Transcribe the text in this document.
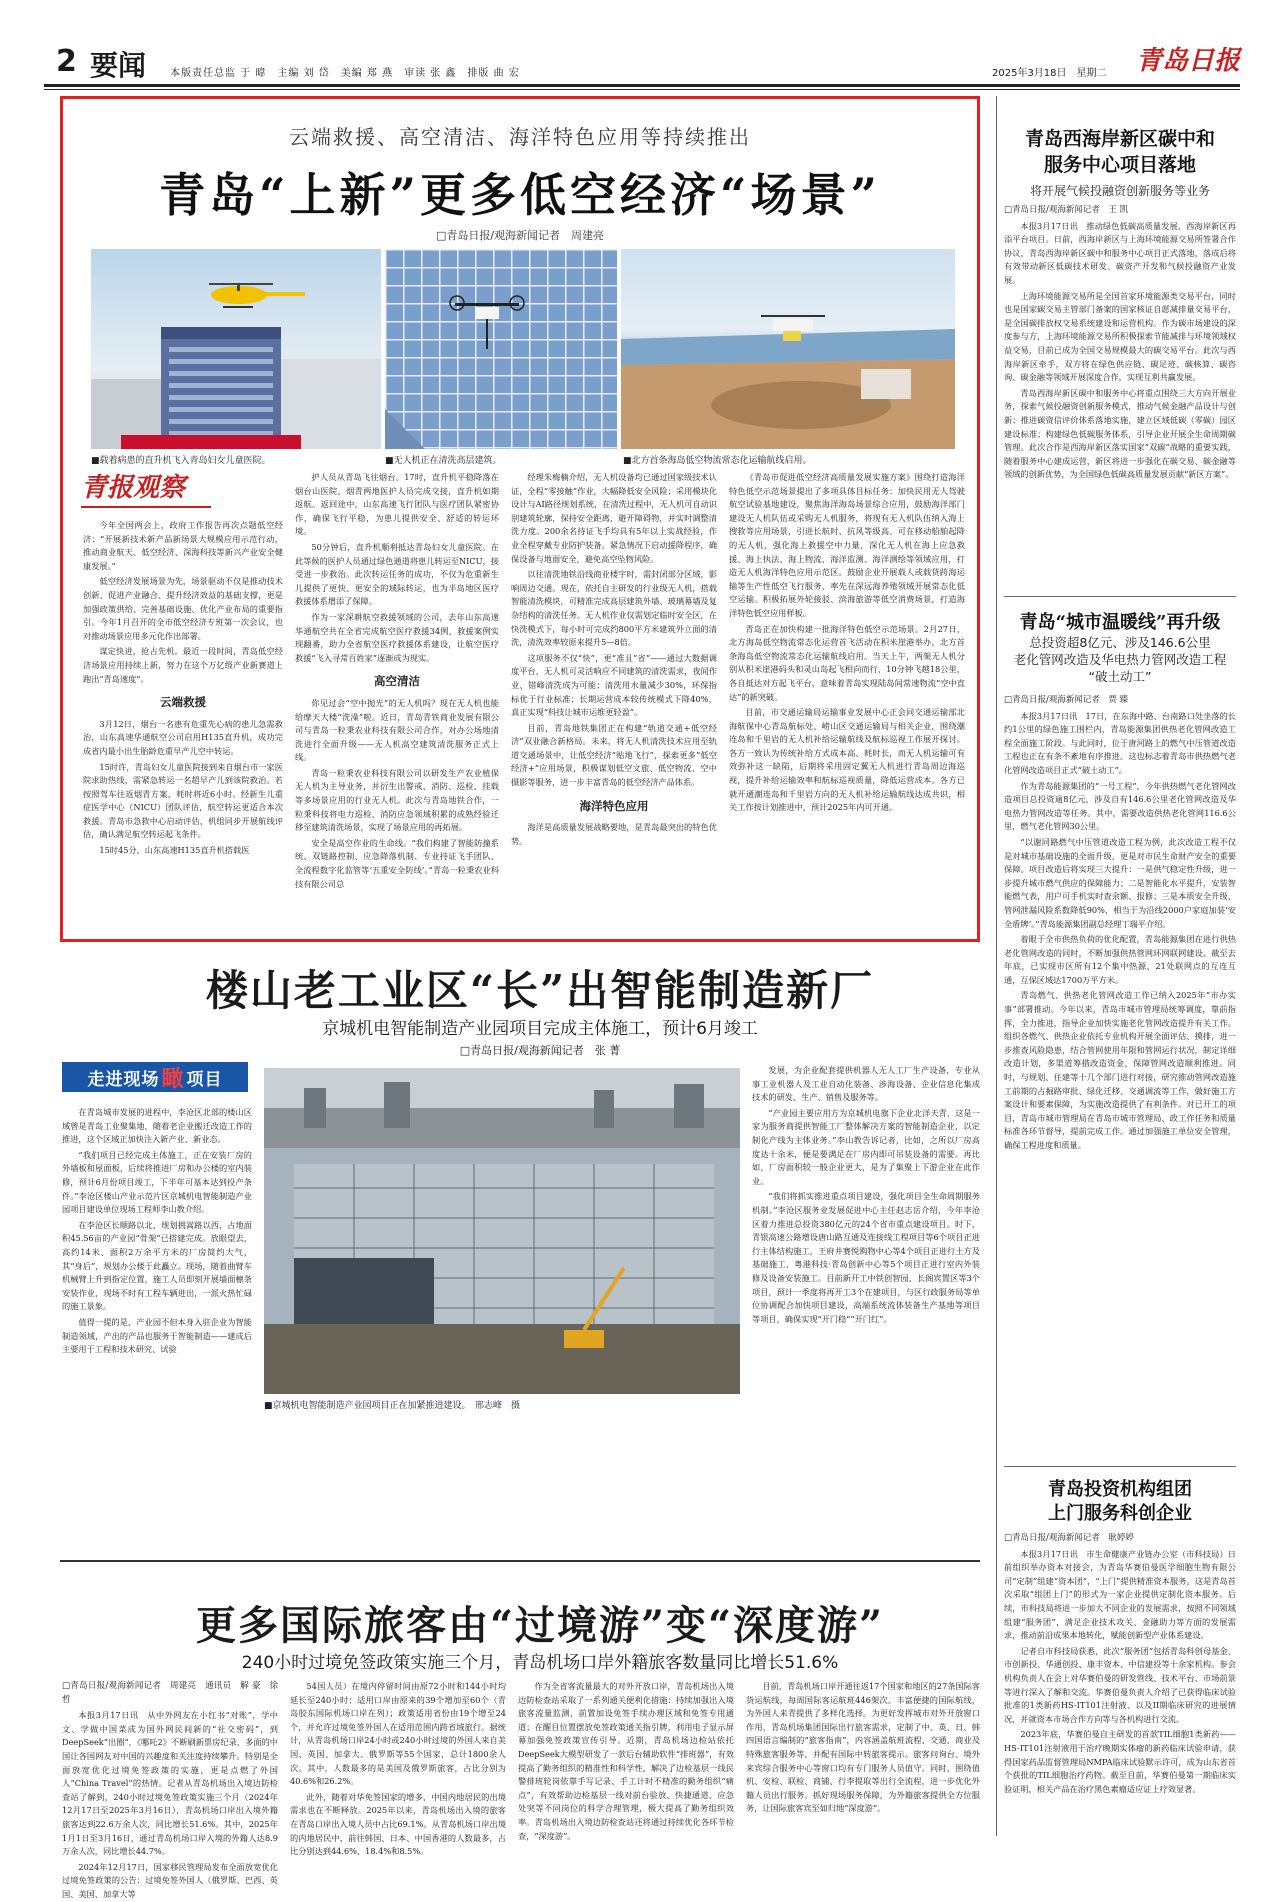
2 要闻 本版责任总监 于 暐　主编 刘 岱　美编 郑 燕　审读 张 鑫　排版 曲 宏	2025年3月18日　星期二 青岛日报
云端救援、高空清洁、海洋特色应用等持续推出
青岛“上新”更多低空经济“场景”
□青岛日报/观海新闻记者　周建亮
■载着病患的直升机飞入青岛妇女儿童医院。	■无人机正在清洗高层建筑。	■北方首条海岛低空物流常态化运输航线启用。
青报观察

今年全国两会上，政府工作报告再次点题低空经济：“开展新技术新产品新场景大规模应用示范行动，推动商业航天、低空经济、深海科技等新兴产业安全健康发展。”

低空经济发展场景为先，场景驱动不仅是推动技术创新、促进产业融合、提升经济效益的基础支撑，更是加强政策供给、完善基础设施、优化产业布局的重要指引。今年1月召开的全市低空经济专班第一次会议，也对推动场景应用多元化作出部署。

谋定快进，抢占先机。最近一段时间，青岛低空经济场景应用持续上新，努力在这个万亿级产业新赛道上跑出“青岛速度”。

云端救援

3月12日，烟台一名患有危重先心病的患儿急需救治，山东高速华通航空公司启用H135直升机，成功完成省内最小出生胎龄危重早产儿空中转运。

15时许，青岛妇女儿童医院接到来自烟台市一家医院求助热线，需紧急转运一名超早产儿到该院救治。若按照驾车往返烟青方案，耗时将近6小时。经新生儿重症医学中心（NICU）团队评估，航空转运更适合本次救援。青岛市急救中心启动评估，机组同步开展航线评估，确认满足航空转运起飞条件。

15时45分，山东高速H135直升机搭载医

护人员从青岛飞往烟台。17时，直升机平稳降落在烟台山医院，烟青两地医护人员完成交接，直升机如期返航。返回途中，山东高速飞行团队与医疗团队紧密协作，确保飞行平稳，为患儿提供安全、舒适的转运环境。

50分钟后，直升机顺利抵达青岛妇女儿童医院。在此等候的医护人员通过绿色通道将患儿转运至NICU，接受进一步救治。此次转运任务的成功，不仅为危重新生儿提供了更快、更安全的域际转运，也为半岛地区医疗救援体系增添了保障。

作为一家深耕航空救援领域的公司，去年山东高速华通航空共在全省完成航空医疗救援34例，救援案例实现翻番，助力全省航空医疗救援体系建设，让航空医疗救援“飞入寻常百姓家”逐渐成为现实。

高空清洁

你见过会“空中抛光”的无人机吗？现在无人机也能给摩天大楼“洗澡”啦。近日，青岛青铁商业发展有限公司与青岛一粒秉农业科技有限公司合作，对办公场地清洗进行全面升级——无人机高空建筑清洗服务正式上线。

青岛一粒秉农业科技有限公司以研发生产农业植保无人机为主导业务，并衍生出警戒、消防、巡检、挂载等多场景应用的行业无人机。此次与青岛地铁合作，一粒秉科技将电力巡检、消防应急领域积累的成熟经验迁移至建筑清洗场景，实现了场景应用的再拓展。

安全是高空作业的生命线。“我们构建了智能防撞系统、双链路控制、应急降落机制、专业持证飞手团队、全流程数字化监管等‘五重安全防线’。”青岛一粒秉农业科技有限公司总

经理朱梅楠介绍，无人机设备均已通过国家级技术认证，全程“零接触”作业，大幅降低安全风险；采用模块化设计与AI路径规划系统，在清洗过程中，无人机可自动识别建筑轮廓，保持安全距离，避开障碍物，并实时调整清洗力度。200余名持证飞手均具有5年以上实战经验，作业全程穿戴专业防护装备。紧急情况下启动援降程序，确保设备与地面安全，避免高空坠物风险。

以往清洗地铁沿线商业楼宇时，需封闭部分区域，影响周边交通。现在，依托自主研发的行业级无人机，搭载智能清洗模块，可精准完成高层建筑外墙、玻璃幕墙及复杂结构的清洗任务。无人机作业仅需划定临时安全区，在快洗模式下，每小时可完成约800平方米建筑外立面的清洗，清洗效率较原来提升5—8倍。

这项服务不仅“快”，更“准且”省”——通过大数据调度平台，无人机可灵活响应不同建筑的清洗需求，夜间作业、错峰清洗成为可能；清洗用水量减少30%，环保指标优于行业标准；长期运营成本较传统模式下降40%，真正实现“科技让城市运维更轻盈”。

目前，青岛地铁集团正在构建“轨道交通+低空经济”双业融合新格局。未来，将无人机清洗技术应用至轨道交通场景中，让低空经济“贴地飞行”，探索更多“低空经济+”应用场景，积极谋划低空文旅、低空物流、空中摄影等服务，进一步丰富青岛的低空经济产品体系。

海洋特色应用

海洋是高质量发展战略要地，是青岛最突出的特色优势。

《青岛市促进低空经济高质量发展实施方案》围绕打造海洋特色低空示范场景提出了多项具体目标任务：加快民用无人驾驶航空试验基地建设，聚焦海洋海岛场景综合应用，鼓励海洋部门建设无人机队伍或采购无人机服务，将现有无人机队伍纳入海上搜救等应用场景，引进长航时、抗风等级高、可在移动船舶起降的无人机，强化海上救援空中力量，深化无人机在海上应急救援、海上执法、海上物流、海洋监测、海洋测绘等领域应用，打造无人机海洋特色应用示范区。鼓励企业开展载人或载货跨海运输等生产性低空飞行服务，率先在深远海养殖领域开展常态化低空运输。积极拓展外轮接驳、滨海旅游等低空消费场景，打造海洋特色低空应用样板。

青岛正在加快构建一批海洋特色低空示范场景。2月27日，北方海岛低空物流常态化运营首飞活动在积米崖港举办，北方首条海岛低空物流常态化运输航线启用。当天上午，两架无人机分别从积米崖港码头和灵山岛起飞相向而行，10分钟飞越18公里，各自抵达对方起飞平台，意味着青岛实现陆岛间常速物流“空中直达”的新突破。

目前，市交通运输局运输事业发展中心正会同交通运输部北海航保中心青岛航标处、崂山区交通运输局与相关企业，围绕潮连岛和千里岩的无人机补给运输航线及航标巡视工作展开探讨。各方一致认为传统补给方式成本高、耗时长，而无人机运输可有效弥补这一缺陷，后期将采用固定翼无人机进行青岛周边海巡视，提升补给运输效率和航标巡视质量，降低运营成本。各方已就开通潮连岛和千里岩方向的无人机补给运输航线达成共识，相关工作按计划推进中，预计2025年内可开通。

青岛西海岸新区碳中和
服务中心项目落地
将开展气候投融资创新服务等业务

□青岛日报/观海新闻记者　王 凯

本报3月17日讯　推动绿色低碳高质量发展，西海岸新区再添平台项目。日前，西海岸新区与上海环境能源交易所签署合作协议，青岛西海岸新区碳中和服务中心项目正式落地，落成后将有效带动新区低碳技术研发、碳资产开发和气候投融资产业发展。

上海环境能源交易所是全国首家环境能源类交易平台，同时也是国家碳交易主管部门备案的国家核证自愿减排量交易平台，是全国碳排放权交易系统建设和运营机构。作为碳市场建设的深度参与方，上海环境能源交易所积极探索节能减排与环境领域权益交易，目前已成为全国交易规模最大的碳交易平台。此次与西海岸新区牵手，双方将在绿色供应链、碳足迹、碳核算、碳咨询、碳金融等领域开展深度合作，实现互利共赢发展。

青岛西海岸新区碳中和服务中心将重点围绕三大方向开展业务，探索气候投融资创新服务模式，推动气候金融产品设计与创新；推进碳资信评价体系落地实施，建立区域低碳（零碳）园区建设标准；构建绿色低碳服务体系，引导企业开展全生命周期碳管理。此次合作是西海岸新区落实国家“双碳”战略的重要实践，随着服务中心建成运营，新区将进一步强化在碳交易、碳金融等领域的创新优势，为全国绿色低碳高质量发展贡献“新区方案”。

青岛“城市温暖线”再升级
总投资超8亿元、涉及146.6公里
老化管网改造及华电热力管网改造工程
“破土动工”

□青岛日报/观海新闻记者　贾 臻

本报3月17日讯　17日，在东海中路、台南路口处坐落的长约1公里的绿色施工围栏内，青岛能源集团供热老化管网改造工程全面施工阶段。与此同时，位于唐河路上的燃气中压管道改造工程也正在有条不紊地有序推进。这也标志着青岛市供热燃气老化管网改造项目正式“破土动工”。

作为青岛能源集团的“一号工程”，今年供热燃气老化管网改造项目总投资逾8亿元，涉及自有146.6公里老化管网改造及华电热力管网改造等任务。其中，需要改造供热老化管网116.6公里，燃气老化管网30公里。

“以谢同路燃气中压管道改造工程为例，此次改造工程不仅是对城市基础设施的全面升级，更是对市民生命财产安全的重要保障。项目改造后将实现三大提升：一是供气稳定性升级，进一步提升城市燃气供应的保障能力；二是智能化水平提升，安装智能燃气表，用户可手机实时查余额、报修；三是本质安全升级，管网泄漏风险系数降低90%，相当于为沿线2000户家庭加装‘安全盾牌’。”青岛能源集团副总经理丁瑞平介绍。

着眼于全市供热负荷的优化配置，青岛能源集团在进行供热老化管网改造的同时，不断加强供热管网环网联网建设。截至去年底，已实现市区所有12个集中热源、21处联网点的互连互通，互保区域达1700万平方米。

青岛燃气、供热老化管网改造工作已纳入2025年“市办实事”部署推动。今年以来，青岛市城市管理局统筹调度，靠前指挥，全力推进，指导企业加快实施老化管网改造提升有关工作。组织各燃气、供热企业依托专业机构开展全面评估、摸排，进一步推查风险隐患，结合管网使用年限和管网运行状况，制定详细改造计划，多渠道筹措改造资金，保障管网改造顺利推进。同时，与规划、住建等十几个部门进行对接，研究推动管网改造施工前期的占掘路审批、绿化迁移、交通调流等工作，做好施工方案设计和要素保障，为实施改造提供了有利条件。对已开工的项目，青岛市城市管理局在青岛市城市管理局、政工作任务和质量标准各环节督导，提前完成工作。通过加强施工单位安全管理，确保工程进度和质量。

青岛投资机构组团
上门服务科创企业

□青岛日报/观海新闻记者　耿婷婷

本报3月17日讯　市生命健康产业链办公室（市科技局）日前组织举办资本对接会，为青岛华赛伯曼医学细胞生物有限公司“定制”组建“资本团”，“上门”提供精准资本服务。这是青岛首次采取“组团上门”的形式为一家企业提供定制化资本服务。后续，市科技局将进一步加大不同企业的发展需求，按照不同领域组建“服务团”，满足企业技术攻关、金融助力等方面的发展需求，推动前沿成果本地转化，赋能创新型产业体系建设。

记者自市科技局获悉，此次“服务团”包括青岛科创母基金、市创新投、华通创投、康丰资本、中信建投等十余家机构。参会机构负责人在会上对华赛伯曼的研发管线、技术平台、市场前景等进行深入了解和交流。华赛伯曼负责人介绍了已获得临床试验批准的1类新药HS-IT101注射液、以及II期临床研究的进展情况，并就资本市场合作方向等与各机构进行交流。

2023年底，华赛伯曼自主研发的首款TIL细胞1类新药——HS-IT101注射液用于治疗晚期实体瘤的新药临床试验申请，获得国家药品监督管理局NMPA临床试验默示许可，成为山东省首个获批的TIL细胞治疗药物。截至目前，华赛伯曼第一期临床实验证明，相关产品在治疗黑色素瘤适应证上疗效显著。

楼山老工业区“长”出智能制造新厂
京城机电智能制造产业园项目完成主体施工，预计6月竣工
□青岛日报/观海新闻记者　张 菁
走进现场 瞰 项目

在青岛城市发展的进程中，李沧区北部的楼山区域曾是青岛工业聚集地，随着老企业搬迁改造工作的推进，这个区域正加快注入新产业、新业态。

“我们项目已经完成主体施工，正在安装厂房的外墙板和屋面板，后续将推进厂房和办公楼的室内装修，预计6月份项目竣工，下半年可基本达到投产条件。”李沧区楼山产业示范片区京城机电智能制造产业园项目建设单位现场工程师李山教介绍。

在李沧区长顺路以北，规划拥嵩路以西，占地面积45.56亩的产业园“骨架”已搭建完成。放眼望去，高约14米、面积2万余平方米的厂房简约大气，其“身后”，规划办公楼于此矗立。现场，随着曲臂车机械臂上升到指定位置，施工人员即刻开展墙面檩条安装作业，现场不时有工程车辆进出，一派火热忙碌的施工景象。

值得一提的是，产业园不但本身入驻企业为智能制造领域，产出的产品也服务于智能制造——建成后主要用于工程和技术研究、试验

■京城机电智能制造产业园项目正在加紧推进建设。　邢志峰　摄

发展，为企业配套提供机器人无人工厂生产设备，专业从事工业机器人及工业自动化装备、涉海设备、企业信息化集成技术的研发、生产、销售及服务等。

“产业园主要应用方为京城机电旗下企业北洋天青，这是一家为服务商提供智能工厂整体解决方案的智能制造企业，以定制化产线为主体业务。”李山教告诉记者，比如，之所以厂房高度达十余米，便是要满足在厂房内即可吊装设备的需要。再比如，厂房面积较一般企业更大，是为了集聚上下游企业在此作业。

“我们将抓实推进重点项目建设，强化项目全生命周期服务机制。”李沧区服务业发展促进中心主任赵志岳介绍，今年李沧区着力推进总投资380亿元的24个省市重点建设项目。时下，青银高速公路增设唐山路互通及连接线工程项目等6个项目正进行主体结构施工，王府井赛悦购物中心等4个项目正进行土方及基础施工，粤港科技·青岛创新中心等5个项目正进行室内外装修及设备安装施工。目前新开工中铁创智园、长阁宾置区等3个项目，预计一季度将再开工3个在建项目，与区行政服务局等单位协调配合加快项目建设，高端系统流体装备生产基地等项目等项目，确保实现“开门稳”“开门红”。

更多国际旅客由“过境游”变“深度游”
240小时过境免签政策实施三个月，青岛机场口岸外籍旅客数量同比增长51.6%

□青岛日报/观海新闻记者　周建亮　通讯员　解 豪　徐 哲

本报3月17日讯　从中外网友在小红书“对账”，学中文、学做中国菜成为国外网民间新的“社交密码”，到DeepSeek“出圈”，《哪吒2》不断刷新票房纪录，多面的中国让各国网友对中国的兴趣度和关注度持续攀升。特别是全面放宽优化过境免签政策的实施，更是点燃了外国人“China Travel”的热情。记者从青岛机场出入境边防检查站了解到，240小时过境免签政策实施三个月（2024年12月17日至2025年3月16日），青岛机场口岸出入境外籍旅客达到22.6万余人次，同比增长51.6%。其中，2025年1月1日至3月16日，通过青岛机场口岸入境的外籍人达8.9万余人次，同比增长44.7%。

2024年12月17日，国家移民管理局发布全面放宽优化过境免签政策的公告：过境免签外国人（俄罗斯、巴西、英国、美国、加拿大等

54国人员）在境内停留时间由原72小时和144小时均延长至240小时；适用口岸由原来的39个增加至60个（青岛胶东国际机场口岸在列）；政策适用省份由19个增至24个，并允许过境免签外国人在适用范围内跨省域旅行。据统计，从青岛机场口岸24小时或240小时过境的外国人来自美国、英国、加拿大、俄罗斯等55个国家，总计1800余人次。其中，人数最多的是美国及俄罗斯旅客，占比分别为40.6%和26.2%。

此外，随着对华免签国家的增多，中国内地居民的出境需求也在不断释放。2025年以来，青岛机场出入境的旅客在青岛口岸出入境人员中占比69.1%。从青岛机场口岸出境的内地居民中，前往韩国、日本、中国香港的人数最多，占比分别达到44.6%、18.4%和8.5%。

作为全省客流量最大的对外开放口岸，青岛机场出入境边防检查站采取了一系列通关便利化措施：持续加强出入境旅客流量监测，前置加设免签手续办理区域和免签专用通道；在醒目位置摆放免签政策通关指引牌，利用电子显示屏幕加强免签政策宣传引导。近期，青岛机场边检站依托DeepSeek大模型研发了一款后台辅助软件“排班器”，有效提高了勤务组织的精准性和科学性，解决了边检基层一线民警排班轮岗依靠手写记录、手工计时不精准的勤务组织“痛点”，有效帮助边检基层一线对前台验放、快捷通道、应急处突等不同岗位的科学合理管理，极大提高了勤务组织效率。青岛机场出入境边防检查站还将通过持续优化各环节检查，“深度游”。

目前，青岛机场口岸开通往返17个国家和地区的27条国际客货运航线，每周国际客运航班446架次。丰富便捷的国际航线，为外国人来青提供了多样化选择。为更好发挥城市对外开放窗口作用，青岛机场集团国际出行旅客需求，定制了中、英、日、韩四国语言编制的“旅客指南”，内容涵盖航班流程、交通、商业及特殊旅客服务等，并配有国际中转旅客提示。旅客问询台、境外来宾综合服务中心等窗口均有专门服务人员值守。同时，围绕值机、安检、联检、商铺、行李提取等出行全流程，进一步优化外籍人员出行服务。抓好现场服务保障，为外籍旅客提供全方位服务，让国际旅客宾至如归地“深度游”。
